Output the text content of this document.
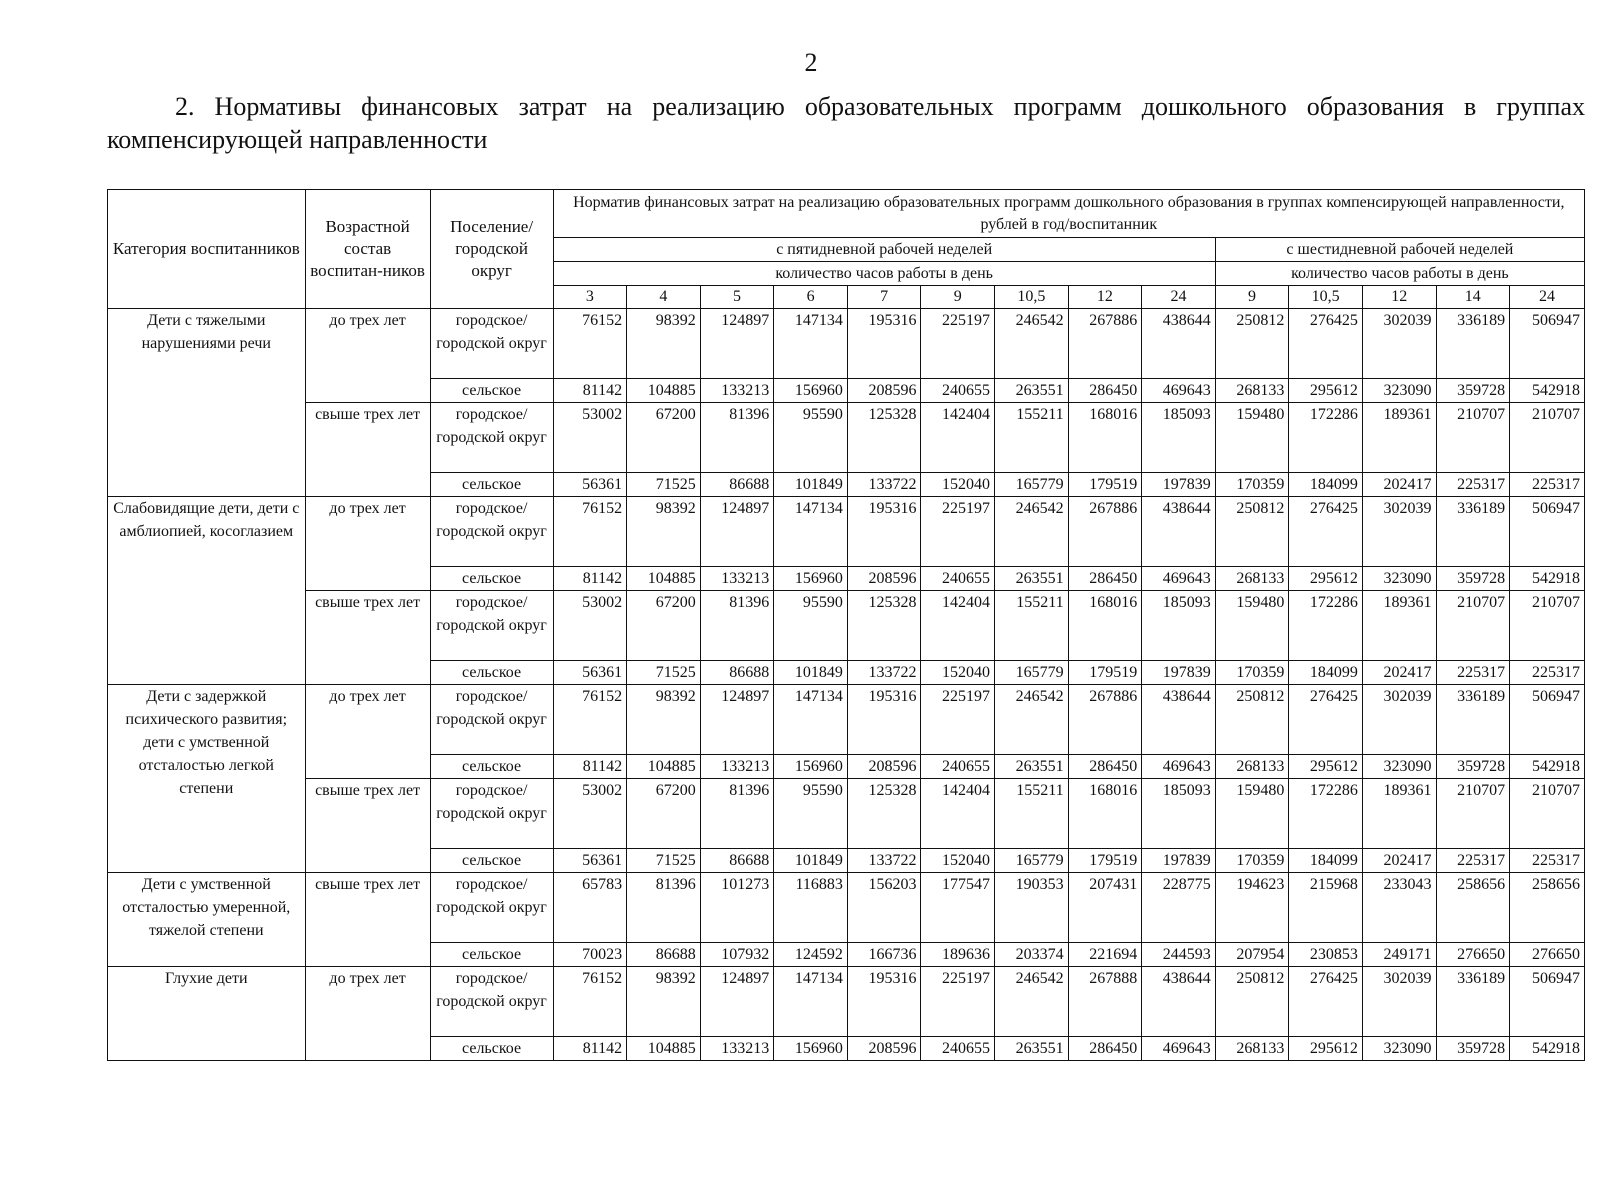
2
2. Нормативы финансовых затрат на реализацию образовательных программ дошкольного образования в группах компенсирующей направленности
Категория воспитанников	Возрастной состав воспитан-ников	Поселение/ городской округ	Норматив финансовых затрат на реализацию образовательных программ дошкольного образования в группах компенсирующей направленности, рублей в год/воспитанник													
			с пятидневной рабочей неделей									с шестидневной рабочей неделей				
			количество часов работы в день									количество часов работы в день				
			3	4	5	6	7	9	10,5	12	24	9	10,5	12	14	24
Дети с тяжелыми нарушениями речи	до трех лет	городское/ городской округ	76152	98392	124897	147134	195316	225197	246542	267886	438644	250812	276425	302039	336189	506947
		сельское	81142	104885	133213	156960	208596	240655	263551	286450	469643	268133	295612	323090	359728	542918
	свыше трех лет	городское/ городской округ	53002	67200	81396	95590	125328	142404	155211	168016	185093	159480	172286	189361	210707	210707
		сельское	56361	71525	86688	101849	133722	152040	165779	179519	197839	170359	184099	202417	225317	225317
Слабовидящие дети, дети с амблиопией, косоглазием	до трех лет	городское/ городской округ	76152	98392	124897	147134	195316	225197	246542	267886	438644	250812	276425	302039	336189	506947
		сельское	81142	104885	133213	156960	208596	240655	263551	286450	469643	268133	295612	323090	359728	542918
	свыше трех лет	городское/ городской округ	53002	67200	81396	95590	125328	142404	155211	168016	185093	159480	172286	189361	210707	210707
		сельское	56361	71525	86688	101849	133722	152040	165779	179519	197839	170359	184099	202417	225317	225317
Дети с задержкой психического развития; дети с умственной отсталостью легкой степени	до трех лет	городское/ городской округ	76152	98392	124897	147134	195316	225197	246542	267886	438644	250812	276425	302039	336189	506947
		сельское	81142	104885	133213	156960	208596	240655	263551	286450	469643	268133	295612	323090	359728	542918
	свыше трех лет	городское/ городской округ	53002	67200	81396	95590	125328	142404	155211	168016	185093	159480	172286	189361	210707	210707
		сельское	56361	71525	86688	101849	133722	152040	165779	179519	197839	170359	184099	202417	225317	225317
Дети с умственной отсталостью умеренной, тяжелой степени	свыше трех лет	городское/ городской округ	65783	81396	101273	116883	156203	177547	190353	207431	228775	194623	215968	233043	258656	258656
		сельское	70023	86688	107932	124592	166736	189636	203374	221694	244593	207954	230853	249171	276650	276650
Глухие дети	до трех лет	городское/ городской округ	76152	98392	124897	147134	195316	225197	246542	267888	438644	250812	276425	302039	336189	506947
		сельское	81142	104885	133213	156960	208596	240655	263551	286450	469643	268133	295612	323090	359728	542918
